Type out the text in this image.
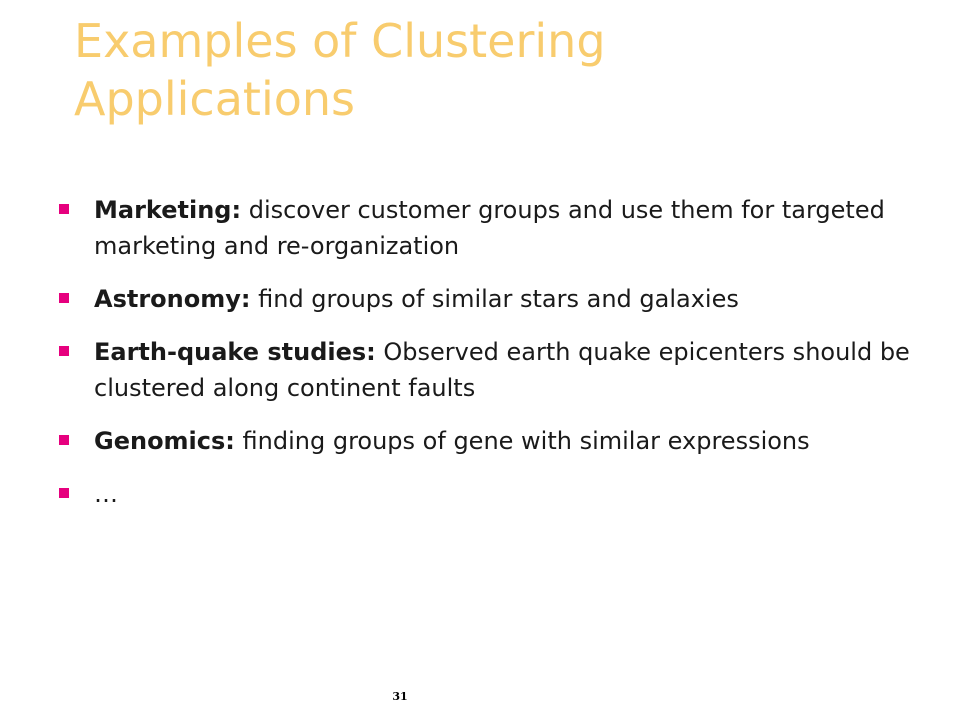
Examples of Clustering
Applications
Marketing: discover customer groups and use them for targeted marketing and re-organization
Astronomy: find groups of similar stars and galaxies
Earth-quake studies: Observed earth quake epicenters should be clustered along continent faults
Genomics: finding groups of gene with similar expressions
…
31
